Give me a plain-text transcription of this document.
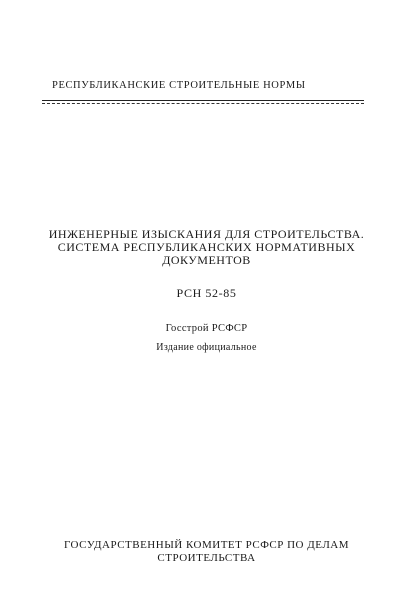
РЕСПУБЛИКАНСКИЕ СТРОИТЕЛЬНЫЕ НОРМЫ
ИНЖЕНЕРНЫЕ ИЗЫСКАНИЯ ДЛЯ СТРОИТЕЛЬСТВА.
СИСТЕМА РЕСПУБЛИКАНСКИХ НОРМАТИВНЫХ
ДОКУМЕНТОВ
РСН 52-85
Госстрой РСФСР
Издание официальное
ГОСУДАРСТВЕННЫЙ КОМИТЕТ РСФСР ПО ДЕЛАМ
СТРОИТЕЛЬСТВА
